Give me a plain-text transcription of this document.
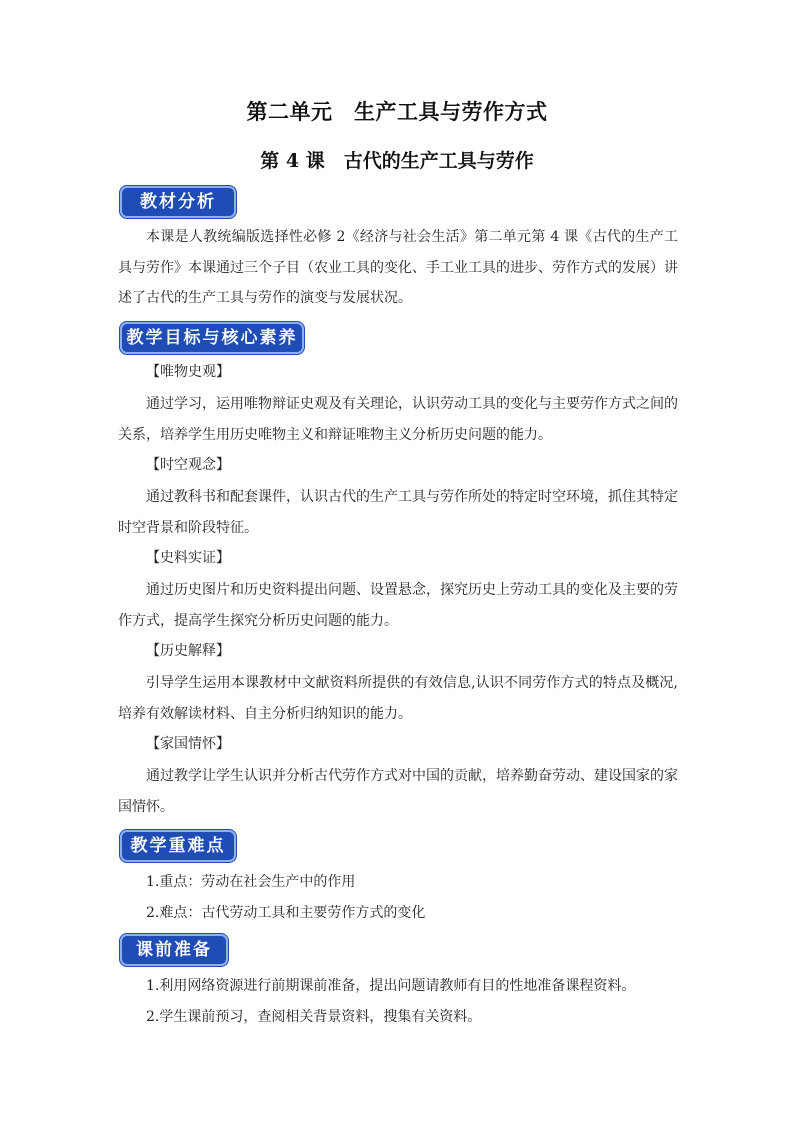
第二单元　生产工具与劳作方式
第 4 课　古代的生产工具与劳作
教材分析

本课是人教统编版选择性必修 2《经济与社会生活》第二单元第 4 课《古代的生产工具与劳作》本课通过三个子目（农业工具的变化、手工业工具的进步、劳作方式的发展）讲述了古代的生产工具与劳作的演变与发展状况。

教学目标与核心素养
【唯物史观】

通过学习，运用唯物辩证史观及有关理论，认识劳动工具的变化与主要劳作方式之间的关系，培养学生用历史唯物主义和辩证唯物主义分析历史问题的能力。

【时空观念】

通过教科书和配套课件，认识古代的生产工具与劳作所处的特定时空环境，抓住其特定时空背景和阶段特征。

【史料实证】

通过历史图片和历史资料提出问题、设置悬念，探究历史上劳动工具的变化及主要的劳作方式，提高学生探究分析历史问题的能力。

【历史解释】

引导学生运用本课教材中文献资料所提供的有效信息,认识不同劳作方式的特点及概况,培养有效解读材料、自主分析归纳知识的能力。

【家国情怀】

通过教学让学生认识并分析古代劳作方式对中国的贡献，培养勤奋劳动、建设国家的家国情怀。

教学重难点
1.重点：劳动在社会生产中的作用
2.难点：古代劳动工具和主要劳作方式的变化
课前准备
1.利用网络资源进行前期课前准备，提出问题请教师有目的性地准备课程资料。
2.学生课前预习，查阅相关背景资料，搜集有关资料。
